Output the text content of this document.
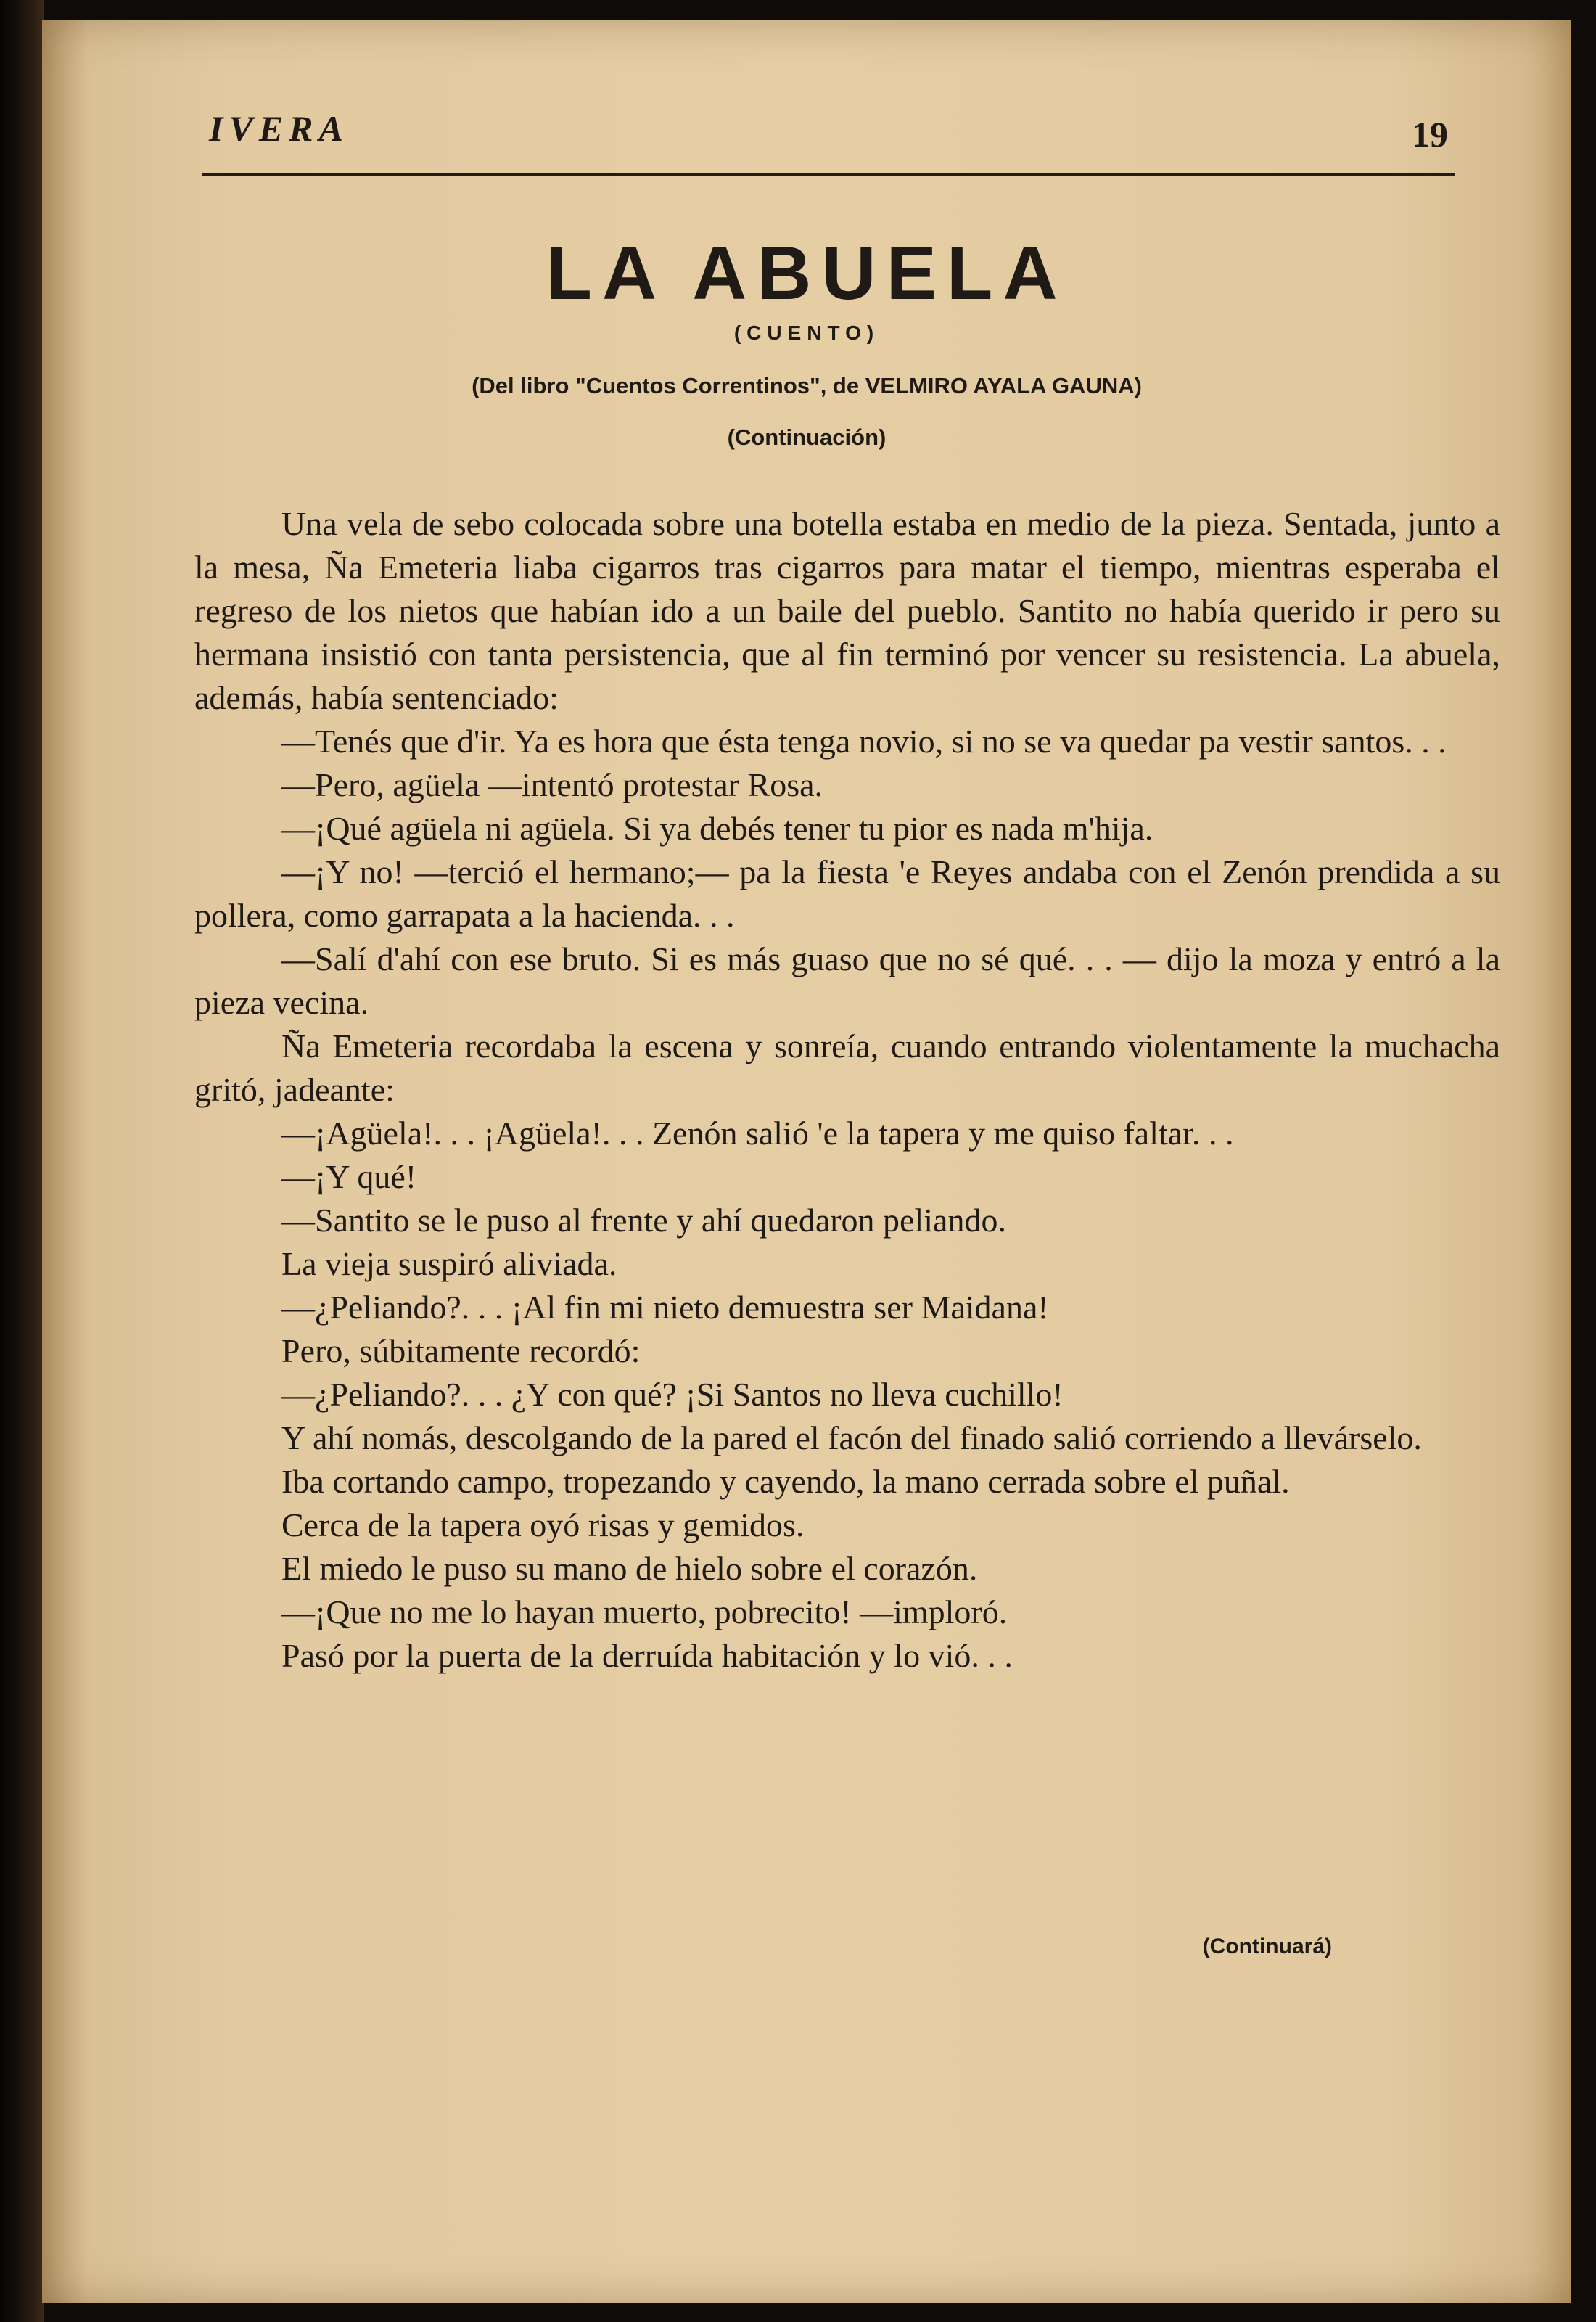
IVERA	19
LA ABUELA
(CUENTO)
(Del libro "Cuentos Correntinos", de VELMIRO AYALA GAUNA)
(Continuación)

Una vela de sebo colocada sobre una botella estaba en medio de la pieza. Sentada, junto a la mesa, Ña Emeteria liaba cigarros tras cigarros para matar el tiempo, mientras esperaba el regreso de los nietos que habían ido a un baile del pueblo. Santito no había querido ir pero su hermana insistió con tanta persistencia, que al fin terminó por vencer su resistencia. La abuela, además, había sentenciado:

—Tenés que d'ir. Ya es hora que ésta tenga novio, si no se va quedar pa vestir santos. . .

—Pero, agüela —intentó protestar Rosa.

—¡Qué agüela ni agüela. Si ya debés tener tu pior es nada m'hija.

—¡Y no! —terció el hermano;— pa la fiesta 'e Reyes andaba con el Zenón prendida a su pollera, como garrapata a la hacienda. . .

—Salí d'ahí con ese bruto. Si es más guaso que no sé qué. . . — dijo la moza y entró a la pieza vecina.

Ña Emeteria recordaba la escena y sonreía, cuando entrando violentamente la muchacha gritó, jadeante:

—¡Agüela!. . . ¡Agüela!. . . Zenón salió 'e la tapera y me quiso faltar. . .

—¡Y qué!

—Santito se le puso al frente y ahí quedaron peliando.

La vieja suspiró aliviada.

—¿Peliando?. . . ¡Al fin mi nieto demuestra ser Maidana!

Pero, súbitamente recordó:

—¿Peliando?. . . ¿Y con qué? ¡Si Santos no lleva cuchillo!

Y ahí nomás, descolgando de la pared el facón del finado salió corriendo a llevárselo.

Iba cortando campo, tropezando y cayendo, la mano cerrada sobre el puñal.

Cerca de la tapera oyó risas y gemidos.

El miedo le puso su mano de hielo sobre el corazón.

—¡Que no me lo hayan muerto, pobrecito! —imploró.

Pasó por la puerta de la derruída habitación y lo vió. . .

(Continuará)
